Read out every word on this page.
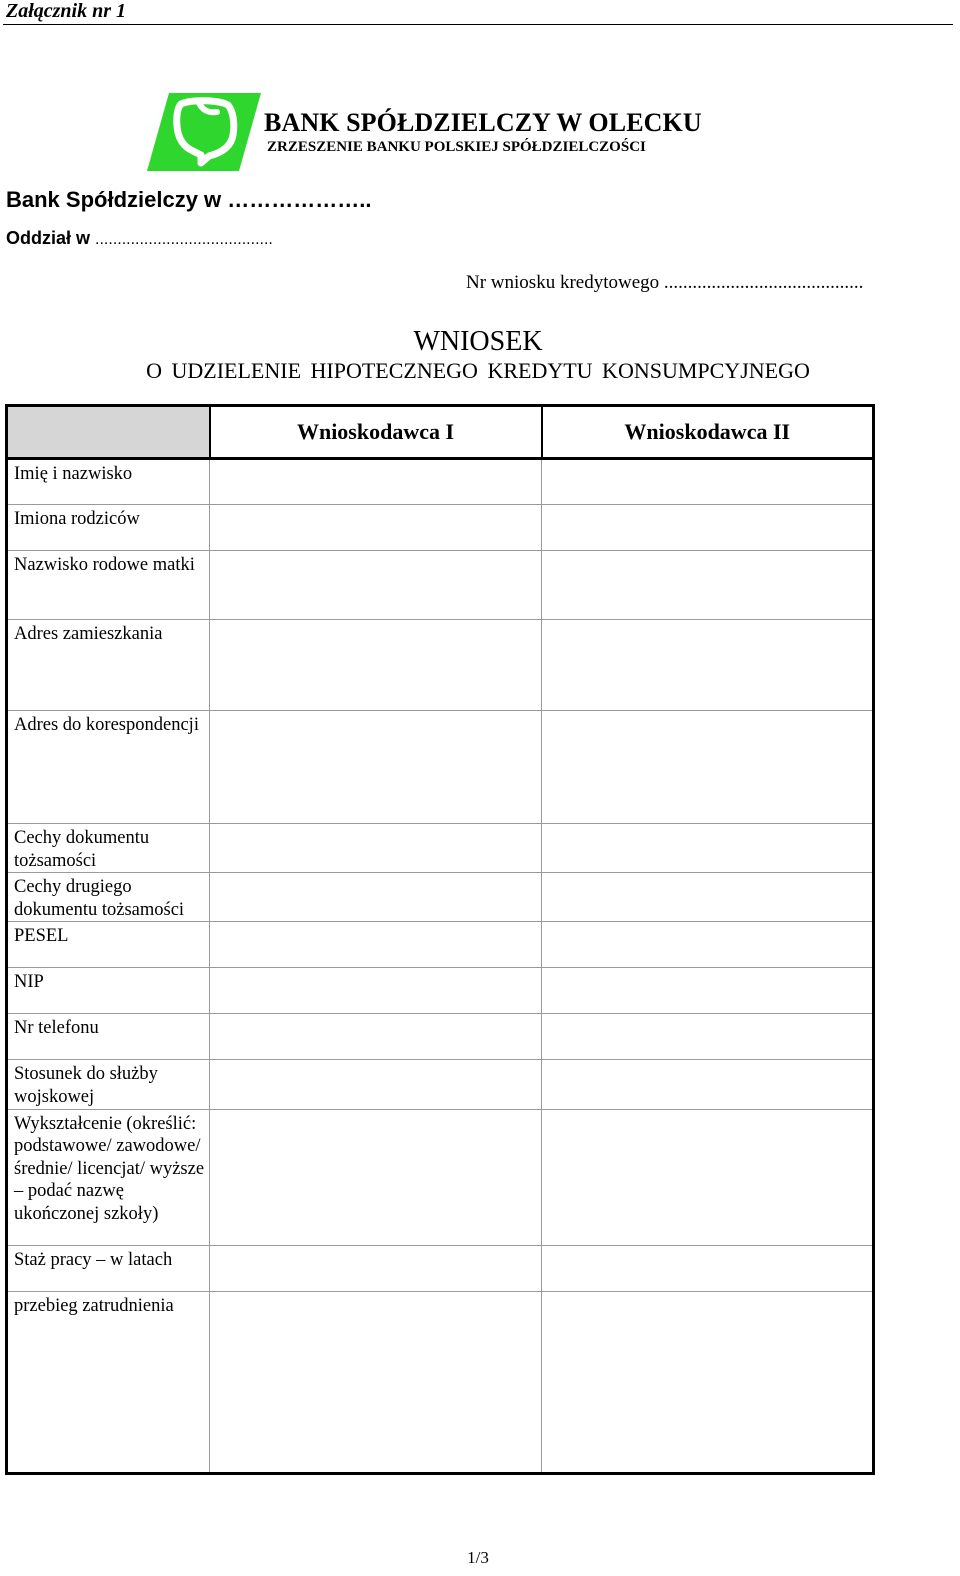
Załącznik nr 1
BANK SPÓŁDZIELCZY W OLECKU
ZRZESZENIE BANKU POLSKIEJ SPÓŁDZIELCZOŚCI
Bank Spółdzielczy w ………………..
Oddział w ........................................
Nr wniosku kredytowego ..........................................
WNIOSEK
O UDZIELENIE HIPOTECZNEGO KREDYTU KONSUMPCYJNEGO
	Wnioskodawca I	Wnioskodawca II
Imię i nazwisko		
Imiona rodziców		
Nazwisko rodowe matki		
Adres zamieszkania		
Adres do korespondencji		
Cechy dokumentu tożsamości		
Cechy drugiego dokumentu tożsamości		
PESEL		
NIP		
Nr telefonu		
Stosunek do służby wojskowej		
Wykształcenie (określić: podstawowe/ zawodowe/ średnie/ licencjat/ wyższe – podać nazwę ukończonej szkoły)		
Staż pracy – w latach		
przebieg zatrudnienia		
1/3
